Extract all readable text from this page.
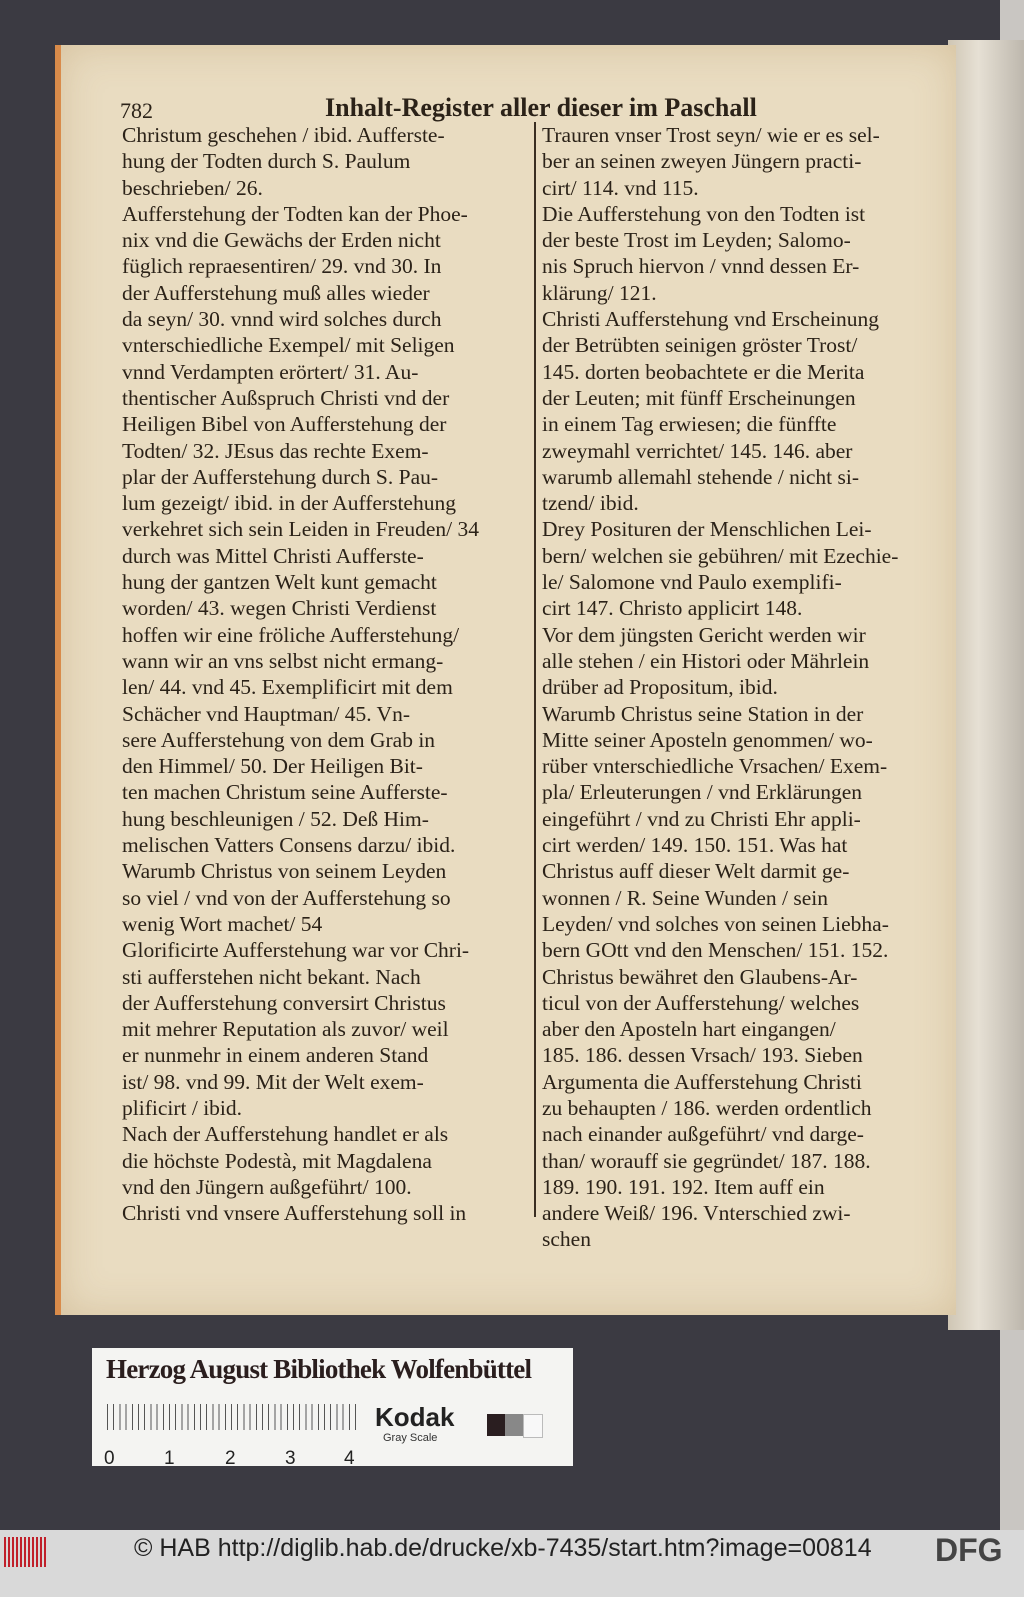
782	Inhalt-Register aller dieser im Paschall
Christum geschehen / ibid. Aufferste-
hung der Todten durch S. Paulum
beschrieben/ 26.
Aufferstehung der Todten kan der Phoe-
nix vnd die Gewächs der Erden nicht
füglich repraesentiren/ 29. vnd 30. In
der Aufferstehung muß alles wieder
da seyn/ 30. vnnd wird solches durch
vnterschiedliche Exempel/ mit Seligen
vnnd Verdampten erörtert/ 31. Au-
thentischer Außspruch Christi vnd der
Heiligen Bibel von Aufferstehung der
Todten/ 32. JEsus das rechte Exem-
plar der Aufferstehung durch S. Pau-
lum gezeigt/ ibid. in der Aufferstehung
verkehret sich sein Leiden in Freuden/ 34
durch was Mittel Christi Aufferste-
hung der gantzen Welt kunt gemacht
worden/ 43. wegen Christi Verdienst
hoffen wir eine frӧliche Aufferstehung/
wann wir an vns selbst nicht ermang-
len/ 44. vnd 45. Exemplificirt mit dem
Schächer vnd Hauptman/ 45. Vn-
sere Aufferstehung von dem Grab in
den Himmel/ 50. Der Heiligen Bit-
ten machen Christum seine Aufferste-
hung beschleunigen / 52. Deß Him-
melischen Vatters Consens darzu/ ibid.
Warumb Christus von seinem Leyden
so viel / vnd von der Aufferstehung so
wenig Wort machet/ 54
Glorificirte Aufferstehung war vor Chri-
sti aufferstehen nicht bekant. Nach
der Aufferstehung conversirt Christus
mit mehrer Reputation als zuvor/ weil
er nunmehr in einem anderen Stand
ist/ 98. vnd 99. Mit der Welt exem-
plificirt / ibid.
Nach der Aufferstehung handlet er als
die höchste Podestà, mit Magdalena
vnd den Jüngern außgeführt/ 100.
Christi vnd vnsere Aufferstehung soll in
Trauren vnser Trost seyn/ wie er es sel-
ber an seinen zweyen Jüngern practi-
cirt/ 114. vnd 115.
Die Aufferstehung von den Todten ist
der beste Trost im Leyden; Salomo-
nis Spruch hiervon / vnnd dessen Er-
klärung/ 121.
Christi Aufferstehung vnd Erscheinung
der Betrübten seinigen gröster Trost/
145. dorten beobachtete er die Merita
der Leuten; mit fünff Erscheinungen
in einem Tag erwiesen; die fünffte
zweymahl verrichtet/ 145. 146. aber
warumb allemahl stehende / nicht si-
tzend/ ibid.
Drey Posituren der Menschlichen Lei-
bern/ welchen sie gebühren/ mit Ezechie-
le/ Salomone vnd Paulo exemplifi-
cirt 147. Christo applicirt 148.
Vor dem jüngsten Gericht werden wir
alle stehen / ein Histori oder Mährlein
drüber ad Propositum, ibid.
Warumb Christus seine Station in der
Mitte seiner Aposteln genommen/ wo-
rüber vnterschiedliche Vrsachen/ Exem-
pla/ Erleuterungen / vnd Erklärungen
eingeführt / vnd zu Christi Ehr appli-
cirt werden/ 149. 150. 151. Was hat
Christus auff dieser Welt darmit ge-
wonnen / R. Seine Wunden / sein
Leyden/ vnd solches von seinen Liebha-
bern GOtt vnd den Menschen/ 151. 152.
Christus bewähret den Glaubens-Ar-
ticul von der Aufferstehung/ welches
aber den Aposteln hart eingangen/
185. 186. dessen Vrsach/ 193. Sieben
Argumenta die Aufferstehung Christi
zu behaupten / 186. werden ordentlich
nach einander außgeführt/ vnd darge-
than/ worauff sie gegründet/ 187. 188.
189. 190. 191. 192. Item auff ein
andere Weiß/ 196. Vnterschied zwi-
schen
Herzog August Bibliothek Wolfenbüttel
0	1	2	3	4
Kodak
Gray Scale
© HAB http://diglib.hab.de/drucke/xb-7435/start.htm?image=00814 DFG
